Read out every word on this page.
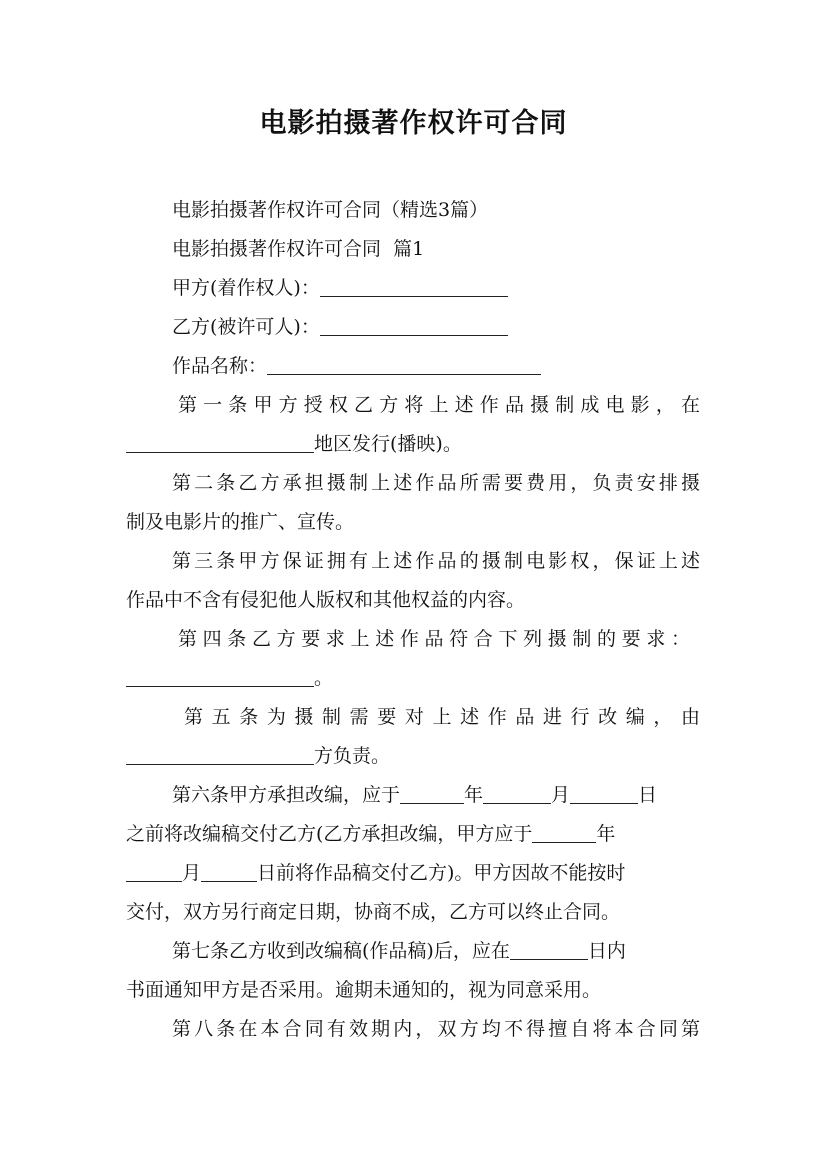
电影拍摄著作权许可合同
电影拍摄著作权许可合同（精选3篇）
电影拍摄著作权许可合同  篇1
甲方(着作权人)：
乙方(被许可人)：
作品名称：
第一条甲方授权乙方将上述作品摄制成电影，在
地区发行(播映)。
第二条乙方承担摄制上述作品所需要费用，负责安排摄
制及电影片的推广、宣传。
第三条甲方保证拥有上述作品的摄制电影权，保证上述
作品中不含有侵犯他人版权和其他权益的内容。
第四条乙方要求上述作品符合下列摄制的要求：
。
第五条为摄制需要对上述作品进行改编，由
方负责。
第六条甲方承担改编，应于	年	月	日
之前将改编稿交付乙方(乙方承担改编，甲方应于	年
月	日前将作品稿交付乙方)。甲方因故不能按时
交付，双方另行商定日期，协商不成，乙方可以终止合同。
第七条乙方收到改编稿(作品稿)后，应在	日内
书面通知甲方是否采用。逾期未通知的，视为同意采用。
第八条在本合同有效期内，双方均不得擅自将本合同第
